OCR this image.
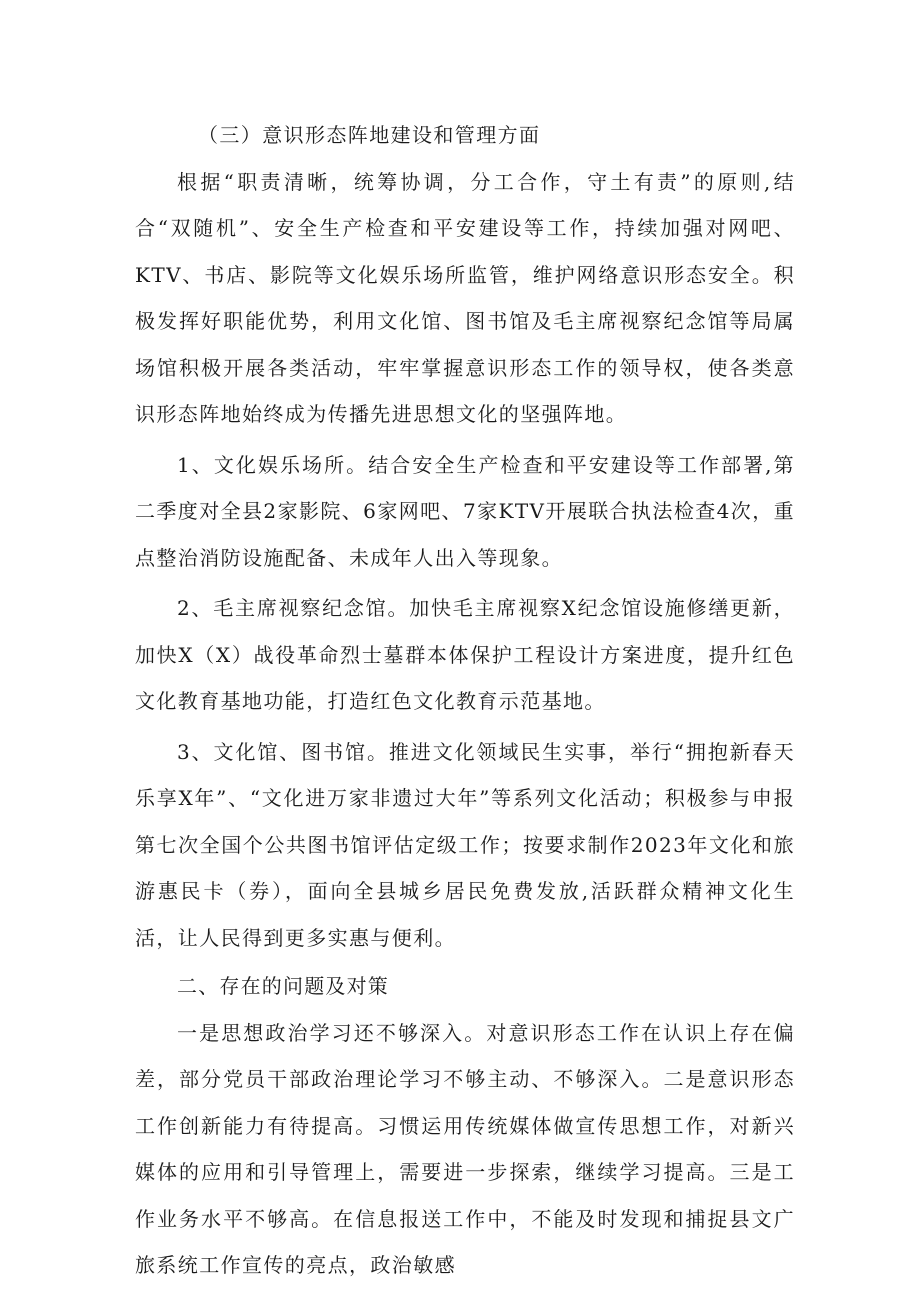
（三）意识形态阵地建设和管理方面

根据“职责清晰，统筹协调，分工合作，守土有责”的原则,结合“双随机”、安全生产检查和平安建设等工作，持续加强对网吧、KTV、书店、影院等文化娱乐场所监管，维护网络意识形态安全。积极发挥好职能优势，利用文化馆、图书馆及毛主席视察纪念馆等局属场馆积极开展各类活动，牢牢掌握意识形态工作的领导权，使各类意识形态阵地始终成为传播先进思想文化的坚强阵地。

1、文化娱乐场所。结合安全生产检查和平安建设等工作部署,第二季度对全县2家影院、6家网吧、7家KTV开展联合执法检查4次，重点整治消防设施配备、未成年人出入等现象。

2、毛主席视察纪念馆。加快毛主席视察X纪念馆设施修缮更新，加快X（X）战役革命烈士墓群本体保护工程设计方案进度，提升红色文化教育基地功能，打造红色文化教育示范基地。

3、文化馆、图书馆。推进文化领域民生实事，举行“拥抱新春天乐享X年”、“文化进万家非遗过大年”等系列文化活动；积极参与申报第七次全国个公共图书馆评估定级工作；按要求制作2023年文化和旅游惠民卡（券），面向全县城乡居民免费发放,活跃群众精神文化生活，让人民得到更多实惠与便利。

二、存在的问题及对策

一是思想政治学习还不够深入。对意识形态工作在认识上存在偏差，部分党员干部政治理论学习不够主动、不够深入。二是意识形态工作创新能力有待提高。习惯运用传统媒体做宣传思想工作，对新兴媒体的应用和引导管理上，需要进一步探索，继续学习提高。三是工作业务水平不够高。在信息报送工作中，不能及时发现和捕捉县文广旅系统工作宣传的亮点，政治敏感
